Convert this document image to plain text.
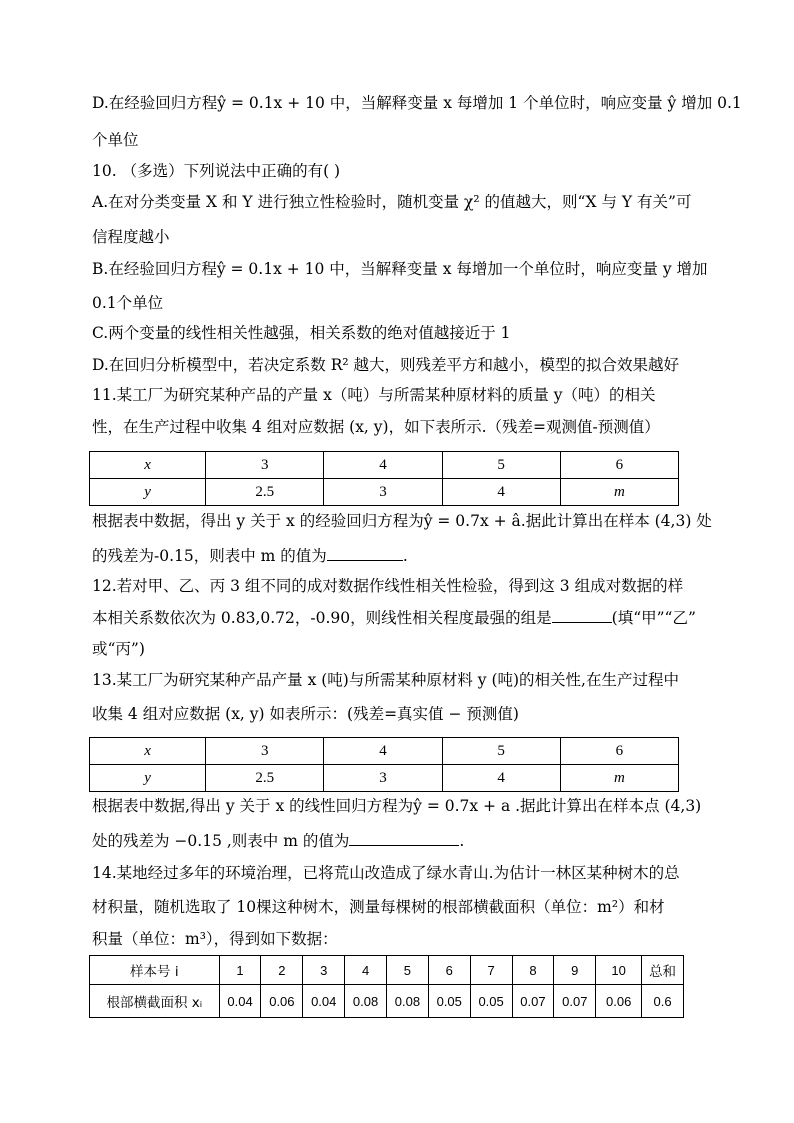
D.在经验回归方程ŷ = 0.1x + 10 中，当解释变量 x 每增加 1 个单位时，响应变量 ŷ 增加 0.1
个单位
10. （多选）下列说法中正确的有( )
A.在对分类变量 X 和 Y 进行独立性检验时，随机变量 χ² 的值越大，则“X 与 Y 有关”可
信程度越小
B.在经验回归方程ŷ = 0.1x + 10 中，当解释变量 x 每增加一个单位时，响应变量 y 增加
0.1个单位
C.两个变量的线性相关性越强，相关系数的绝对值越接近于 1
D.在回归分析模型中，若决定系数 R² 越大，则残差平方和越小，模型的拟合效果越好
11.某工厂为研究某种产品的产量 x（吨）与所需某种原材料的质量 y（吨）的相关
性，在生产过程中收集 4 组对应数据 (x, y)，如下表所示.（残差=观测值-预测值）
x	3	4	5	6
y	2.5	3	4	m
根据表中数据，得出 y 关于 x 的经验回归方程为ŷ = 0.7x + â.据此计算出在样本 (4,3) 处
的残差为-0.15，则表中 m 的值为	.
12.若对甲、乙、丙 3 组不同的成对数据作线性相关性检验，得到这 3 组成对数据的样
本相关系数依次为 0.83,0.72，-0.90，则线性相关程度最强的组是	(填“甲”“乙”
或“丙”)
13.某工厂为研究某种产品产量 x (吨)与所需某种原材料 y (吨)的相关性,在生产过程中
收集 4 组对应数据 (x, y) 如表所示：(残差=真实值 − 预测值)
x	3	4	5	6
y	2.5	3	4	m
根据表中数据,得出 y 关于 x 的线性回归方程为ŷ = 0.7x + a .据此计算出在样本点 (4,3)
处的残差为 −0.15 ,则表中 m 的值为	.
14.某地经过多年的环境治理，已将荒山改造成了绿水青山.为估计一林区某种树木的总
材积量，随机选取了 10棵这种树木，测量每棵树的根部横截面积（单位：m²）和材
积量（单位：m³），得到如下数据：
样本号 i	1	2	3	4	5	6	7	8	9	10	总和
根部横截面积 xᵢ	0.04	0.06	0.04	0.08	0.08	0.05	0.05	0.07	0.07	0.06	0.6
